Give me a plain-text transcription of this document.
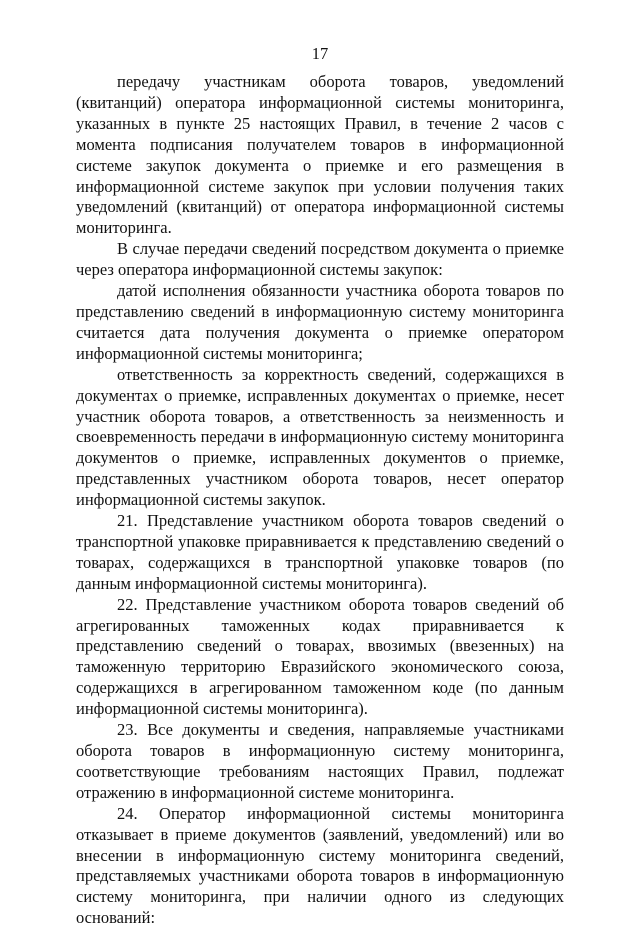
17

передачу участникам оборота товаров, уведомлений (квитанций) оператора информационной системы мониторинга, указанных в пункте 25 настоящих Правил, в течение 2 часов с момента подписания получателем товаров в информационной системе закупок документа о приемке и его размещения в информационной системе закупок при условии получения таких уведомлений (квитанций) от оператора информационной системы мониторинга.

В случае передачи сведений посредством документа о приемке через оператора информационной системы закупок:

датой исполнения обязанности участника оборота товаров по представлению сведений в информационную систему мониторинга считается дата получения документа о приемке оператором информационной системы мониторинга;

ответственность за корректность сведений, содержащихся в документах о приемке, исправленных документах о приемке, несет участник оборота товаров, а ответственность за неизменность и своевременность передачи в информационную систему мониторинга документов о приемке, исправленных документов о приемке, представленных участником оборота товаров, несет оператор информационной системы закупок.

21. Представление участником оборота товаров сведений о транспортной упаковке приравнивается к представлению сведений о товарах, содержащихся в транспортной упаковке товаров (по данным информационной системы мониторинга).

22. Представление участником оборота товаров сведений об агрегированных таможенных кодах приравнивается к представлению сведений о товарах, ввозимых (ввезенных) на таможенную территорию Евразийского экономического союза, содержащихся в агрегированном таможенном коде (по данным информационной системы мониторинга).

23. Все документы и сведения, направляемые участниками оборота товаров в информационную систему мониторинга, соответствующие требованиям настоящих Правил, подлежат отражению в информационной системе мониторинга.

24. Оператор информационной системы мониторинга отказывает в приеме документов (заявлений, уведомлений) или во внесении в информационную систему мониторинга сведений, представляемых участниками оборота товаров в информационную систему мониторинга, при наличии одного из следующих оснований:
